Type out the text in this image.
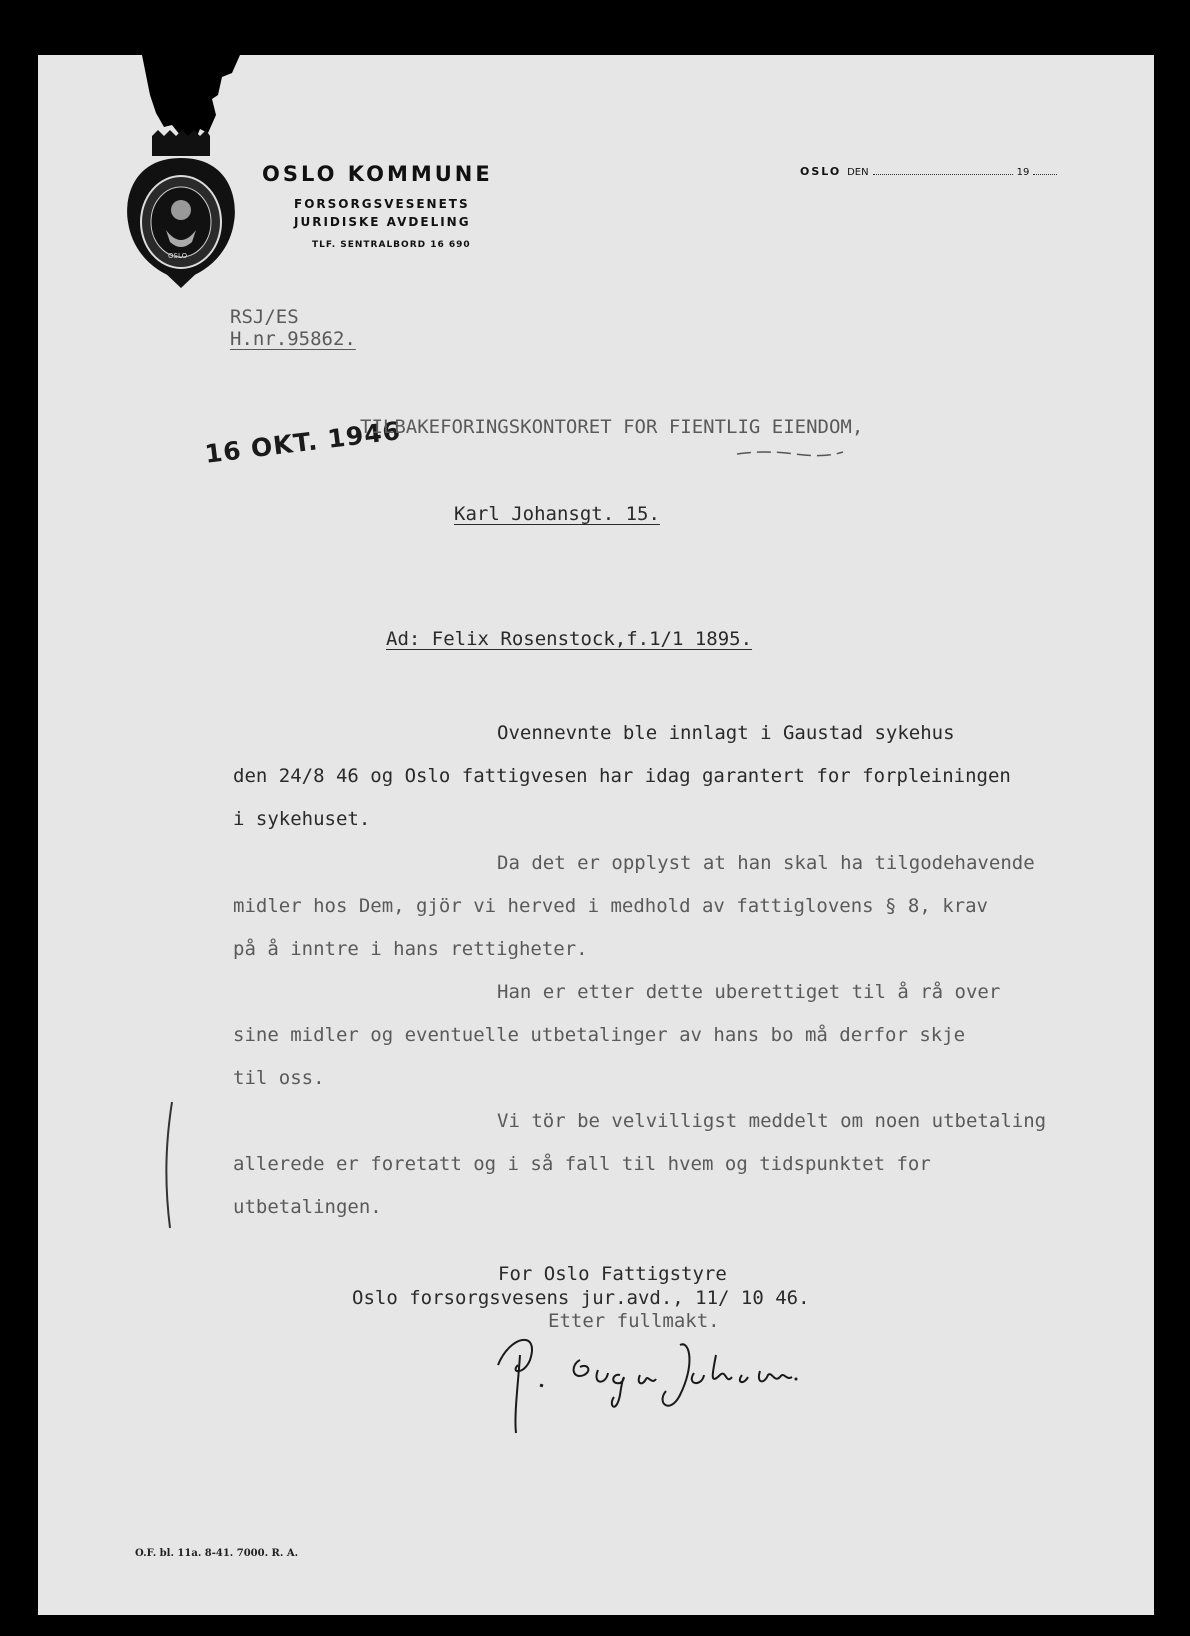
OSLO
OSLO KOMMUNE
FORSORGSVESENETS
JURIDISKE AVDELING
TLF. SENTRALBORD 16 690
OSLO DEN	19
RSJ/ES
H.nr.95862.
16 OKT. 1946
TILBAKEFORINGSKONTORET FOR FIENTLIG EIENDOM,
Karl Johansgt. 15.
Ad: Felix Rosenstock,f.1/1 1895.
Ovennevnte ble innlagt i Gaustad sykehus
den 24/8 46 og Oslo fattigvesen har idag garantert for forpleiningen
i sykehuset.
Da det er opplyst at han skal ha tilgodehavende
midler hos Dem, gjör vi herved i medhold av fattiglovens § 8, krav
på å inntre i hans rettigheter.
Han er etter dette uberettiget til å rå over
sine midler og eventuelle utbetalinger av hans bo må derfor skje
til oss.
Vi tör be velvilligst meddelt om noen utbetaling
allerede er foretatt og i så fall til hvem og tidspunktet for
utbetalingen.
For Oslo Fattigstyre
Oslo forsorgsvesens jur.avd., 11/ 10 46.
Etter fullmakt.
O.F. bl. 11a. 8-41. 7000. R. A.
